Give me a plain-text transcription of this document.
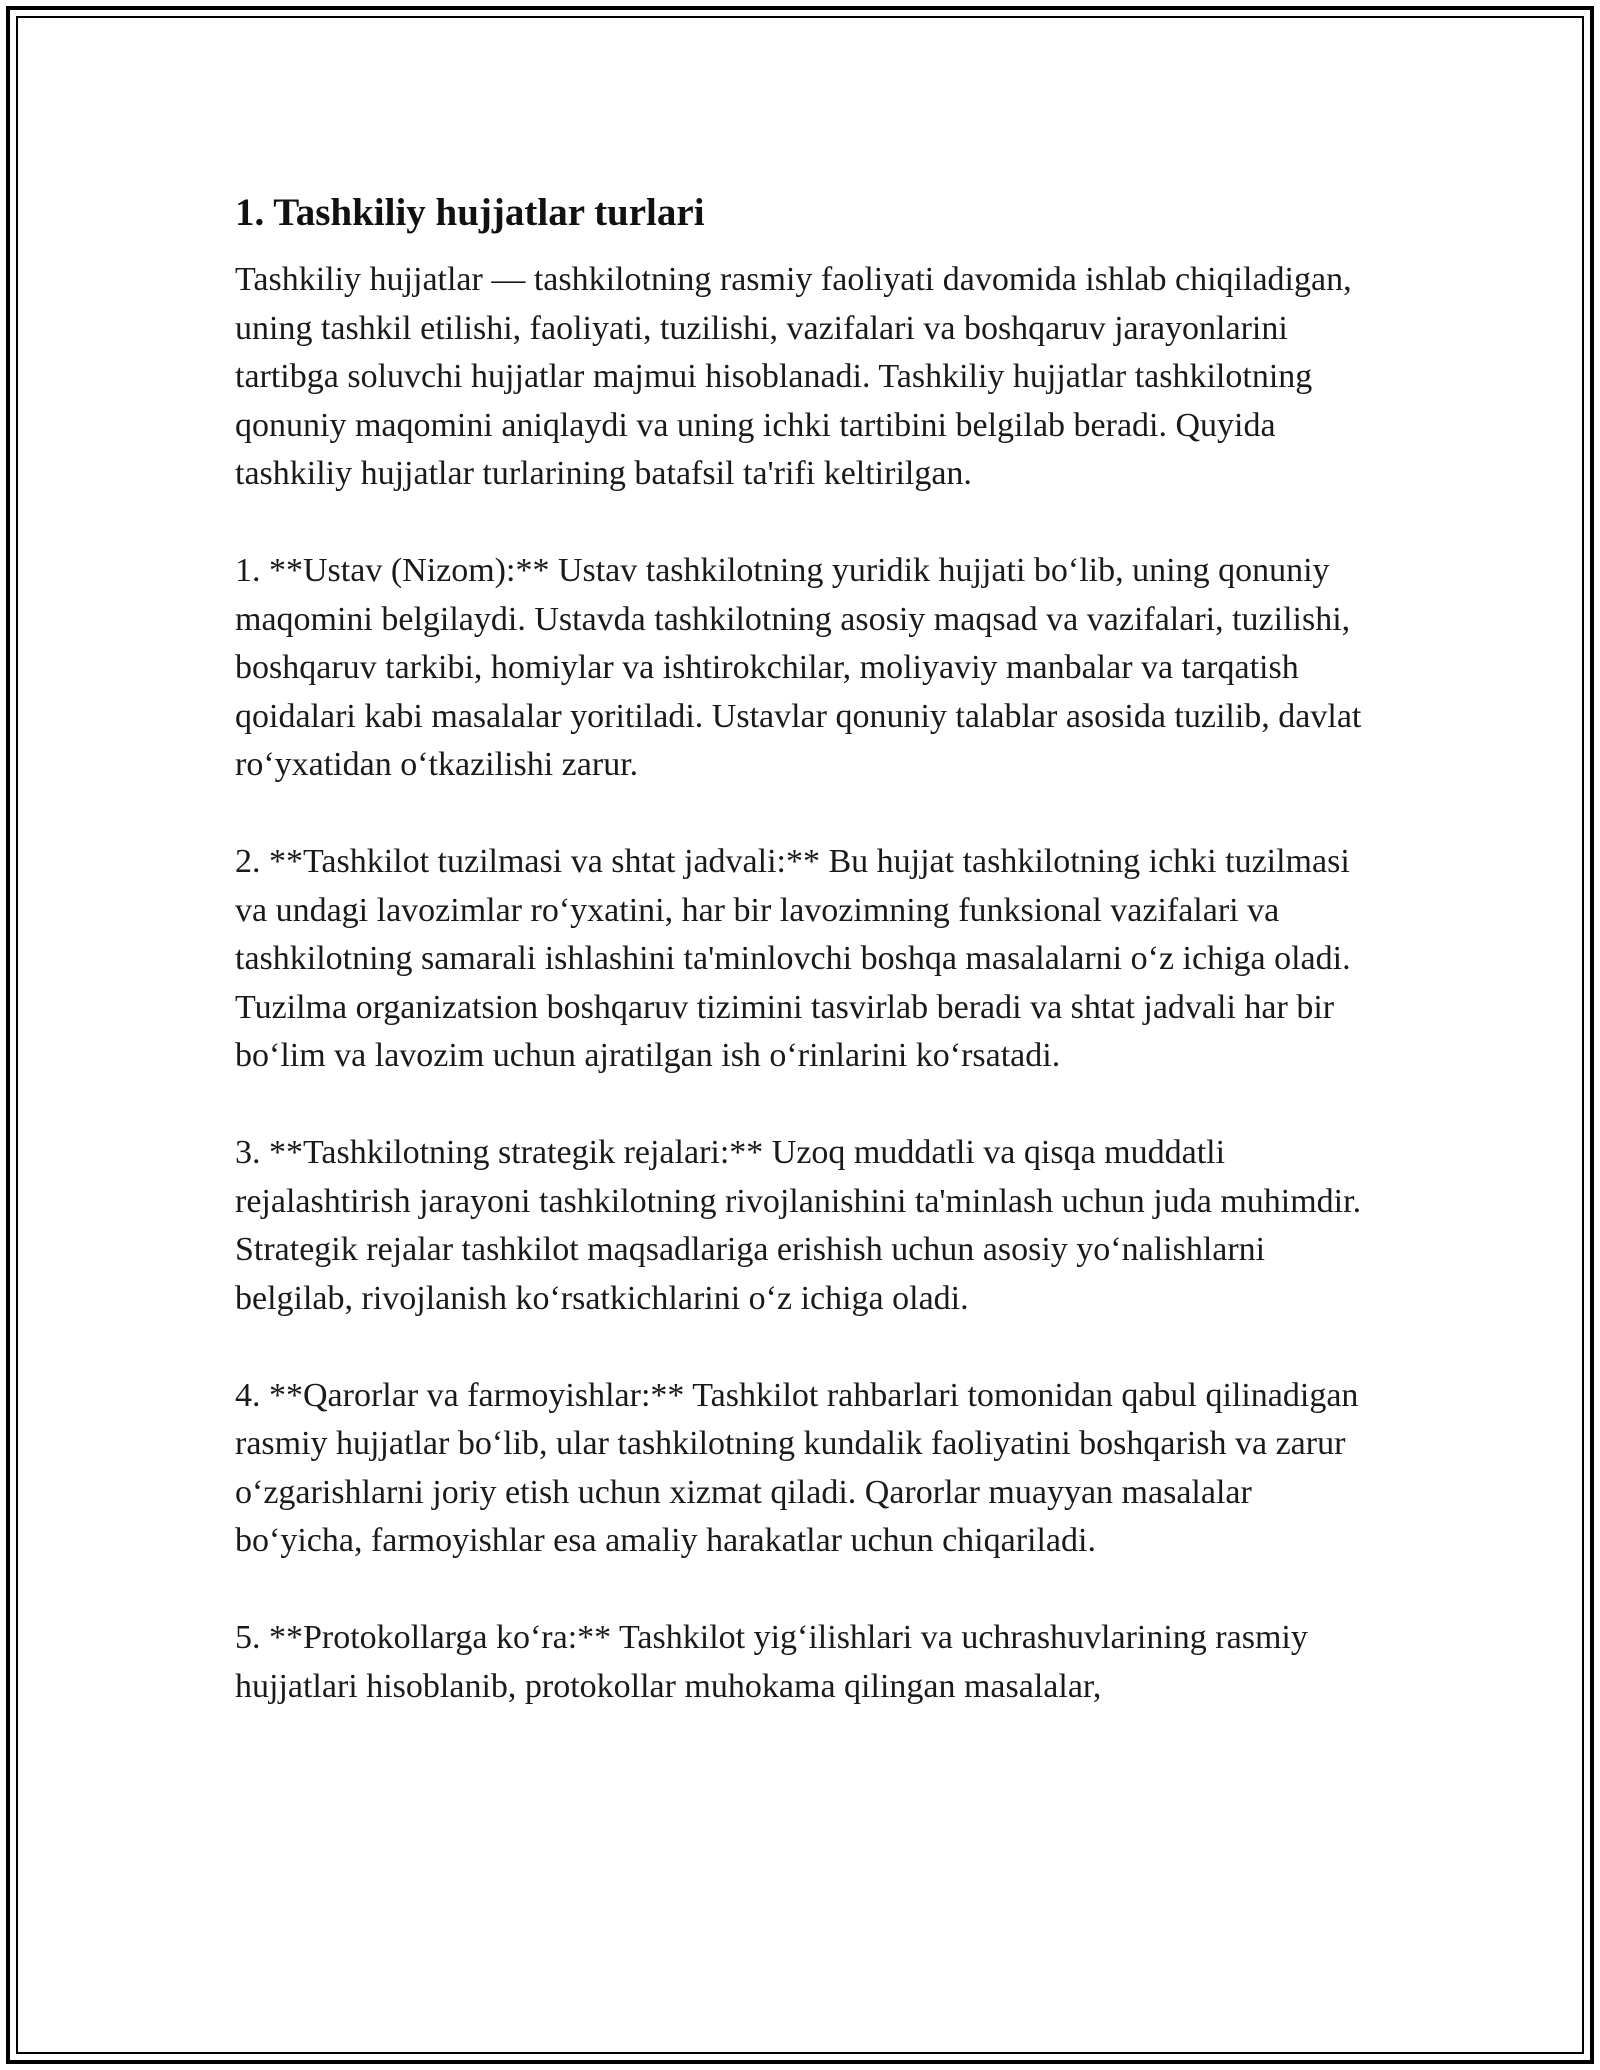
1. Tashkiliy hujjatlar turlari

Tashkiliy hujjatlar — tashkilotning rasmiy faoliyati davomida ishlab chiqiladigan, uning tashkil etilishi, faoliyati, tuzilishi, vazifalari va boshqaruv jarayonlarini tartibga soluvchi hujjatlar majmui hisoblanadi. Tashkiliy hujjatlar tashkilotning qonuniy maqomini aniqlaydi va uning ichki tartibini belgilab beradi. Quyida tashkiliy hujjatlar turlarining batafsil ta'rifi keltirilgan.

1. **Ustav (Nizom):** Ustav tashkilotning yuridik hujjati bo‘lib, uning qonuniy maqomini belgilaydi. Ustavda tashkilotning asosiy maqsad va vazifalari, tuzilishi, boshqaruv tarkibi, homiylar va ishtirokchilar, moliyaviy manbalar va tarqatish qoidalari kabi masalalar yoritiladi. Ustavlar qonuniy talablar asosida tuzilib, davlat ro‘yxatidan o‘tkazilishi zarur.

2. **Tashkilot tuzilmasi va shtat jadvali:** Bu hujjat tashkilotning ichki tuzilmasi va undagi lavozimlar ro‘yxatini, har bir lavozimning funksional vazifalari va tashkilotning samarali ishlashini ta'minlovchi boshqa masalalarni o‘z ichiga oladi. Tuzilma organizatsion boshqaruv tizimini tasvirlab beradi va shtat jadvali har bir bo‘lim va lavozim uchun ajratilgan ish o‘rinlarini ko‘rsatadi.

3. **Tashkilotning strategik rejalari:** Uzoq muddatli va qisqa muddatli rejalashtirish jarayoni tashkilotning rivojlanishini ta'minlash uchun juda muhimdir. Strategik rejalar tashkilot maqsadlariga erishish uchun asosiy yo‘nalishlarni belgilab, rivojlanish ko‘rsatkichlarini o‘z ichiga oladi.

4. **Qarorlar va farmoyishlar:** Tashkilot rahbarlari tomonidan qabul qilinadigan rasmiy hujjatlar bo‘lib, ular tashkilotning kundalik faoliyatini boshqarish va zarur o‘zgarishlarni joriy etish uchun xizmat qiladi. Qarorlar muayyan masalalar bo‘yicha, farmoyishlar esa amaliy harakatlar uchun chiqariladi.

5. **Protokollarga ko‘ra:** Tashkilot yig‘ilishlari va uchrashuvlarining rasmiy hujjatlari hisoblanib, protokollar muhokama qilingan masalalar,
